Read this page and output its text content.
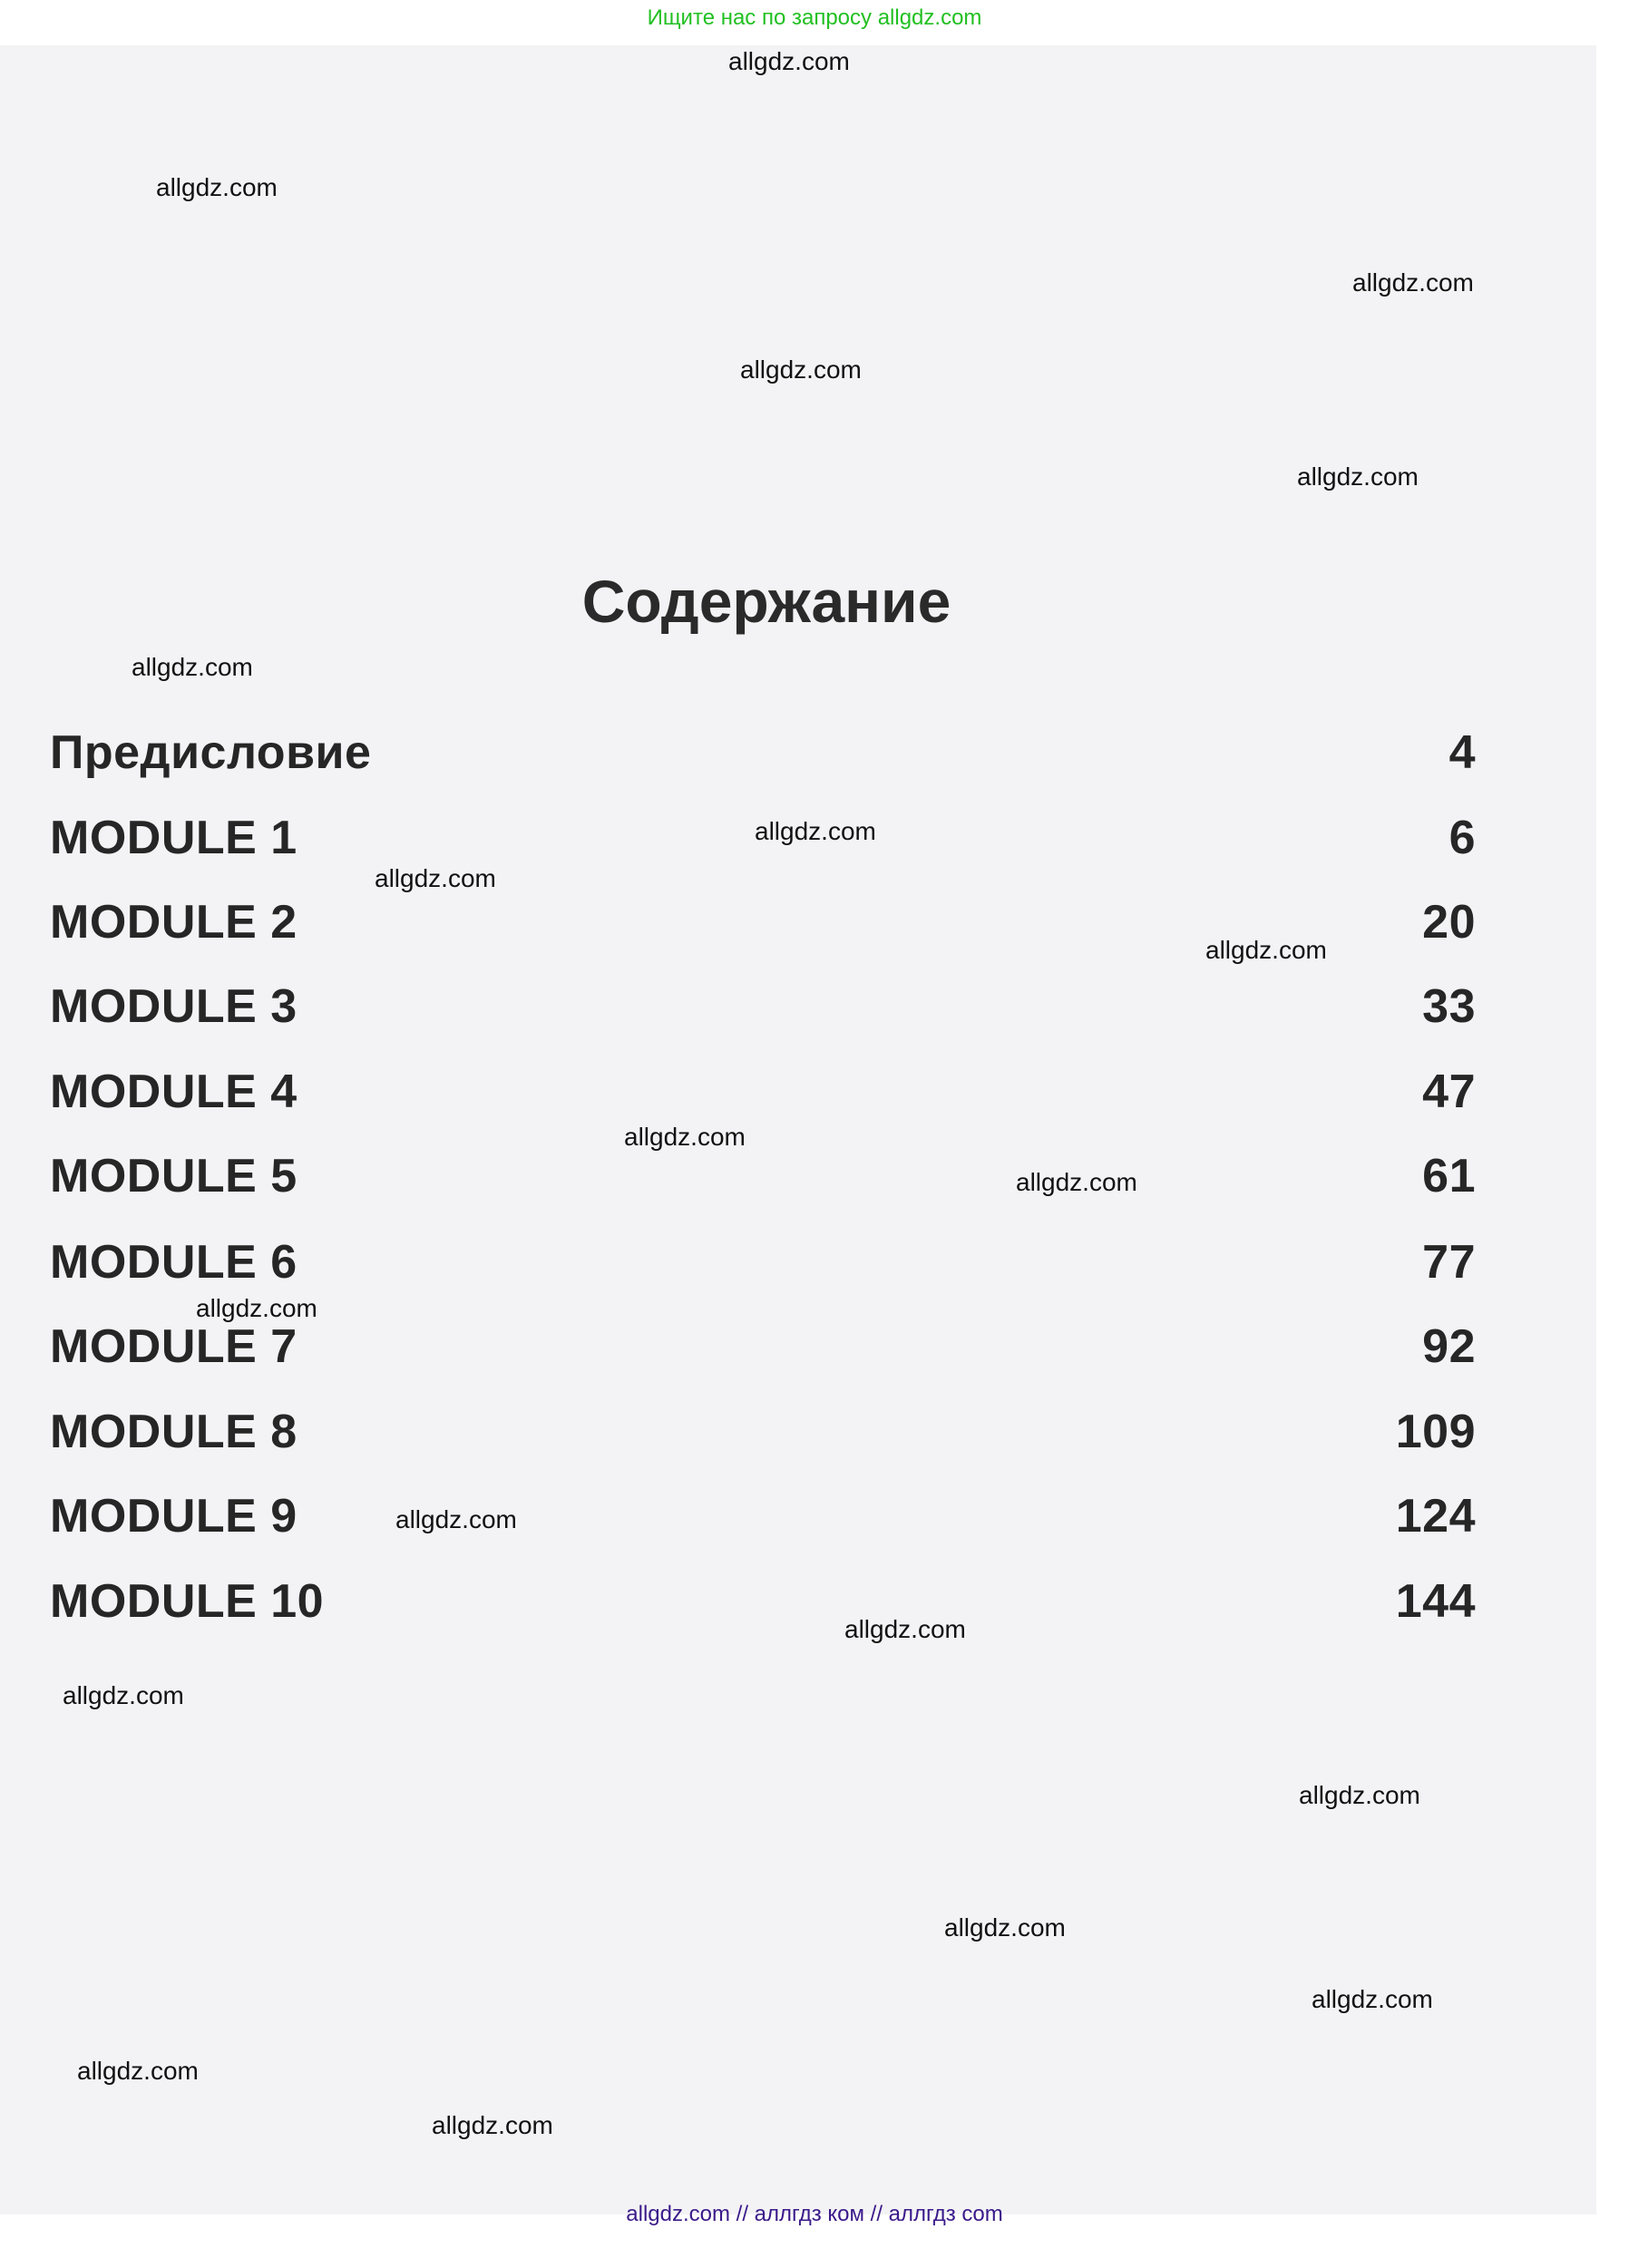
Ищите нас по запросу allgdz.com
Содержание
Предисловие	4
MODULE 1	6
MODULE 2	20
MODULE 3	33
MODULE 4	47
MODULE 5	61
MODULE 6	77
MODULE 7	92
MODULE 8	109
MODULE 9	124
MODULE 10	144
allgdz.com
allgdz.com
allgdz.com
allgdz.com
allgdz.com
allgdz.com
allgdz.com
allgdz.com
allgdz.com
allgdz.com
allgdz.com
allgdz.com
allgdz.com
allgdz.com
allgdz.com
allgdz.com
allgdz.com
allgdz.com
allgdz.com
allgdz.com
allgdz.com // аллгдз ком // аллгдз com
